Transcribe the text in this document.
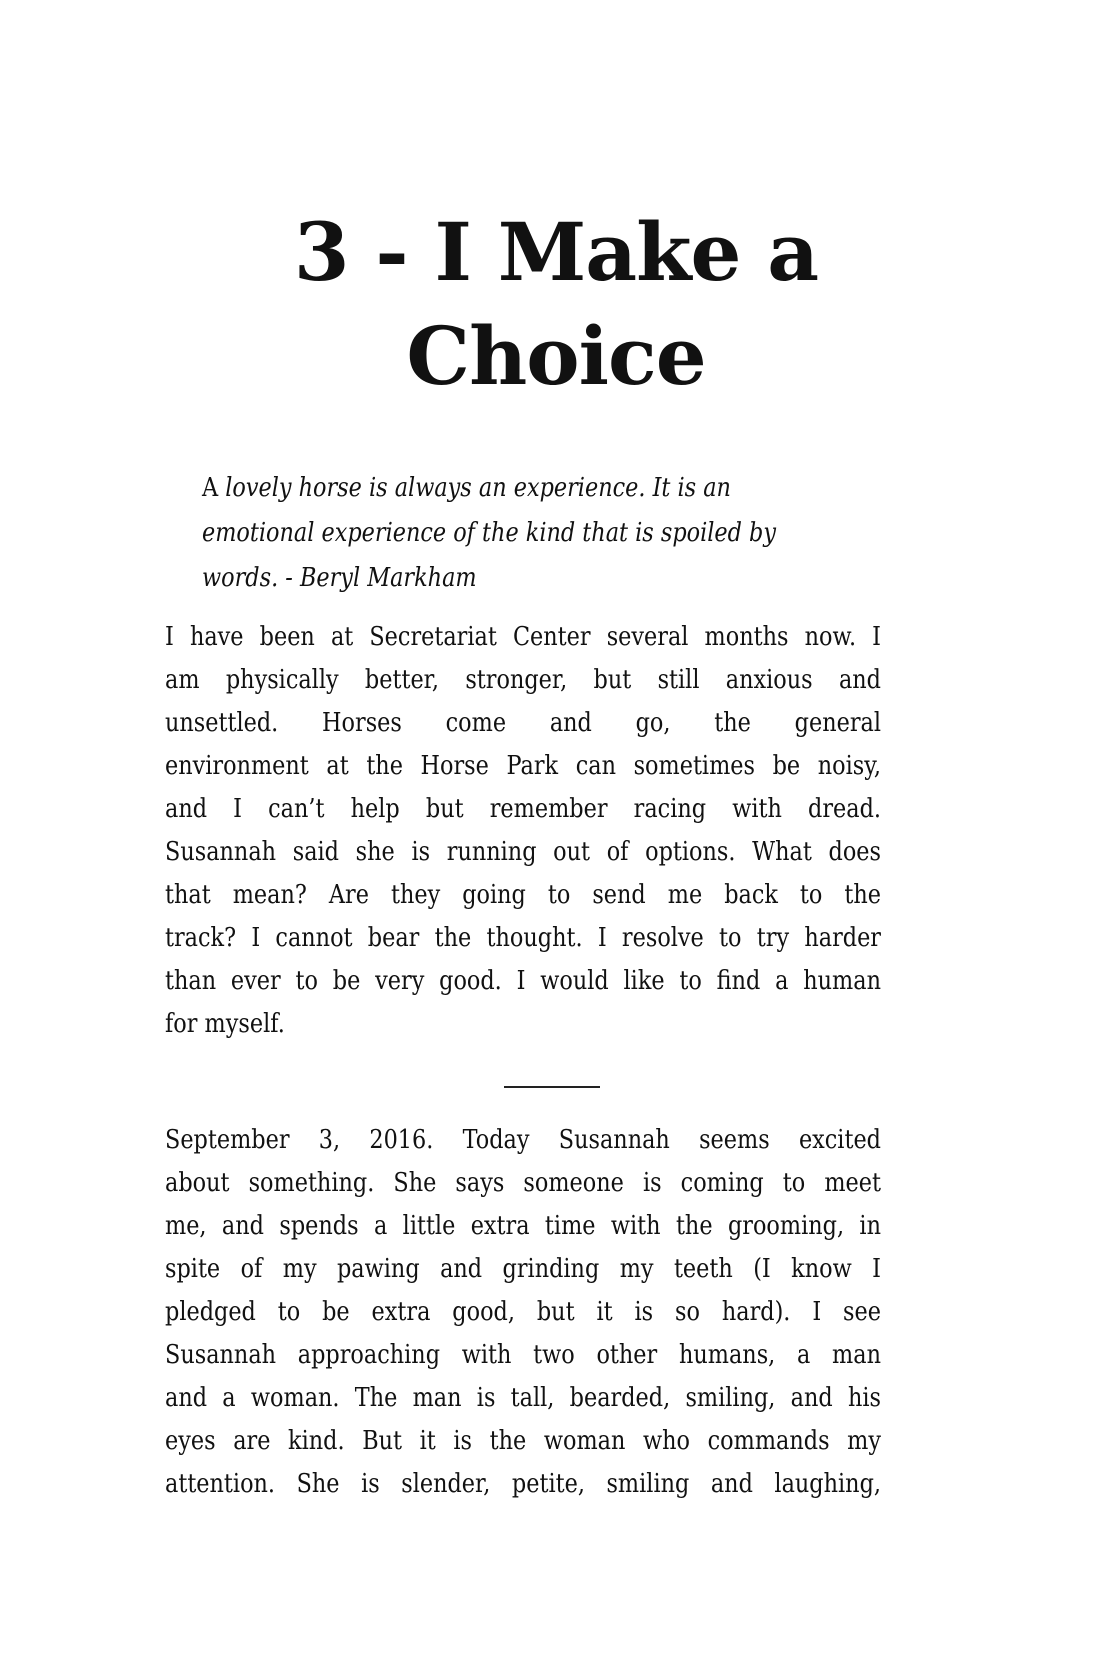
3 - I Make a
Choice
A lovely horse is always an experience. It is an
emotional experience of the kind that is spoiled by
words. - Beryl Markham
I have been at Secretariat Center several months now. I
am physically better, stronger, but still anxious and
unsettled. Horses come and go, the general
environment at the Horse Park can sometimes be noisy,
and I can’t help but remember racing with dread.
Susannah said she is running out of options. What does
that mean? Are they going to send me back to the
track? I cannot bear the thought. I resolve to try harder
than ever to be very good. I would like to find a human
for myself.
September 3, 2016. Today Susannah seems excited
about something. She says someone is coming to meet
me, and spends a little extra time with the grooming, in
spite of my pawing and grinding my teeth (I know I
pledged to be extra good, but it is so hard). I see
Susannah approaching with two other humans, a man
and a woman. The man is tall, bearded, smiling, and his
eyes are kind. But it is the woman who commands my
attention. She is slender, petite, smiling and laughing,
